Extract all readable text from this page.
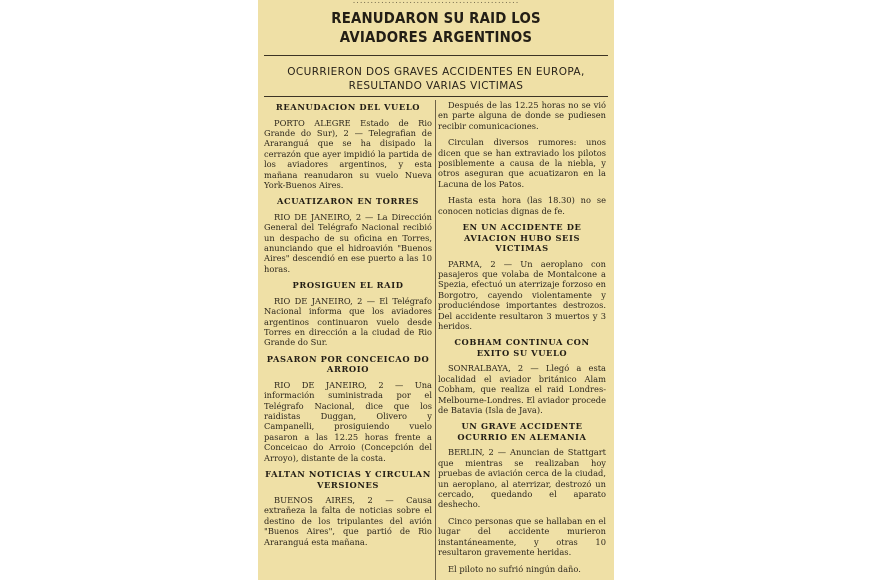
...............................................
REANUDARON SU RAID LOS AVIADORES ARGENTINOS
OCURRIERON DOS GRAVES ACCIDENTES EN EUROPA, RESULTANDO VARIAS VICTIMAS
REANUDACION DEL VUELO

PORTO ALEGRE Estado de Rio Grande do Sur), 2 — Telegrafian de Araranguá que se ha disipado la cerrazón que ayer impidió la partida de los aviadores argentinos, y esta mañana reanudaron su vuelo Nueva York-Buenos Aires.

ACUATIZARON EN TORRES

RIO DE JANEIRO, 2 — La Dirección General del Telégrafo Nacional recibió un despacho de su oficina en Torres, anunciando que el hidroavión "Buenos Aires" descendió en ese puerto a las 10 horas.

PROSIGUEN EL RAID

RIO DE JANEIRO, 2 — El Telégrafo Nacional informa que los aviadores argentinos continuaron vuelo desde Torres en dirección a la ciudad de Rio Grande do Sur.

PASARON POR CONCEICAO DO ARROIO

RIO DE JANEIRO, 2 — Una información suministrada por el Telégrafo Nacional, dice que los raidistas Duggan, Olivero y Campanelli, prosiguiendo vuelo pasaron a las 12.25 horas frente a Conceicao do Arroio (Concepción del Arroyo), distante de la costa.

FALTAN NOTICIAS Y CIRCULAN VERSIONES

BUENOS AIRES, 2 — Causa extrañeza la falta de noticias sobre el destino de los tripulantes del avión "Buenos Aires", que partió de Rio Araranguá esta mañana.

Después de las 12.25 horas no se vió en parte alguna de donde se pudiesen recibir comunicaciones.

Circulan diversos rumores: unos dicen que se han extraviado los pilotos posiblemente a causa de la niebla, y otros aseguran que acuatizaron en la Lacuna de los Patos.

Hasta esta hora (las 18.30) no se conocen noticias dignas de fe.

EN UN ACCIDENTE DE AVIACION HUBO SEIS VICTIMAS

PARMA, 2 — Un aeroplano con pasajeros que volaba de Montalcone a Spezia, efectuó un aterrizaje forzoso en Borgotro, cayendo violentamente y produciéndose importantes destrozos. Del accidente resultaron 3 muertos y 3 heridos.

COBHAM CONTINUA CON EXITO SU VUELO

SONRALBAYA, 2 — Llegó a esta localidad el aviador británico Alam Cobham, que realiza el raid Londres-Melbourne-Londres. El aviador procede de Batavia (Isla de Java).

UN GRAVE ACCIDENTE OCURRIO EN ALEMANIA

BERLIN, 2 — Anuncian de Stattgart que mientras se realizaban hoy pruebas de aviación cerca de la ciudad, un aeroplano, al aterrizar, destrozó un cercado, quedando el aparato deshecho.

Cinco personas que se hallaban en el lugar del accidente murieron instantáneamente, y otras 10 resultaron gravemente heridas.

El piloto no sufrió ningún daño.
